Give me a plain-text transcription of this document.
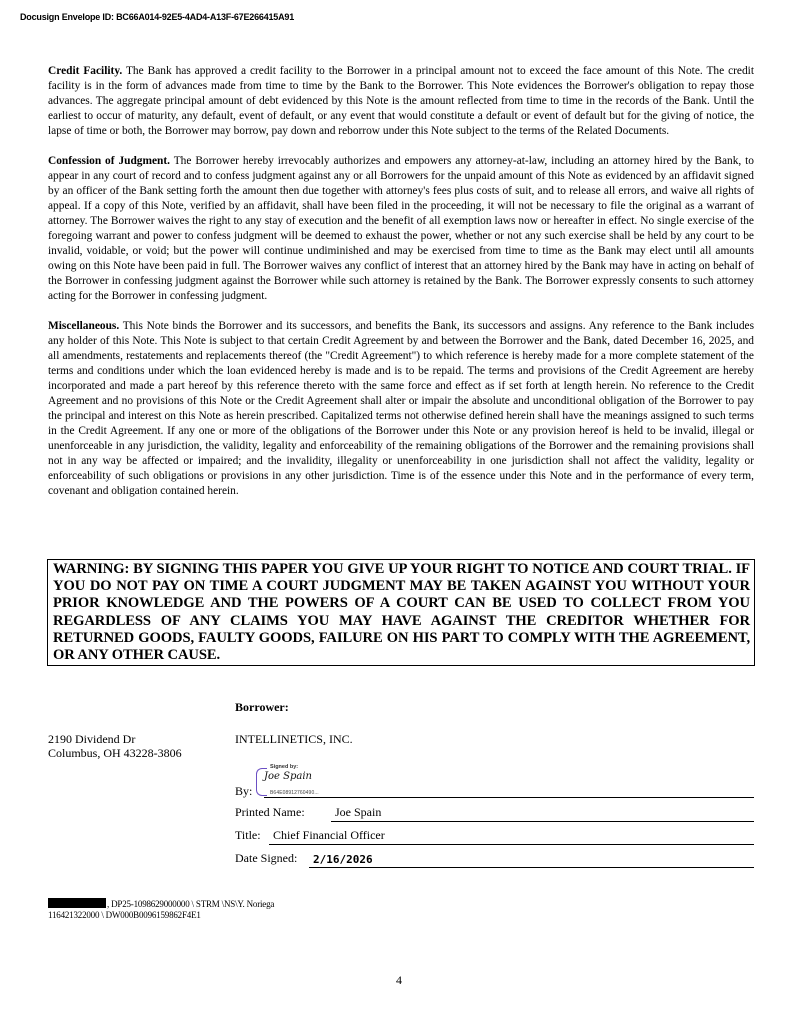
Docusign Envelope ID: BC66A014-92E5-4AD4-A13F-67E266415A91

Credit Facility. The Bank has approved a credit facility to the Borrower in a principal amount not to exceed the face amount of this Note. The credit facility is in the form of advances made from time to time by the Bank to the Borrower. This Note evidences the Borrower's obligation to repay those advances. The aggregate principal amount of debt evidenced by this Note is the amount reflected from time to time in the records of the Bank. Until the earliest to occur of maturity, any default, event of default, or any event that would constitute a default or event of default but for the giving of notice, the lapse of time or both, the Borrower may borrow, pay down and reborrow under this Note subject to the terms of the Related Documents.

Confession of Judgment. The Borrower hereby irrevocably authorizes and empowers any attorney-at-law, including an attorney hired by the Bank, to appear in any court of record and to confess judgment against any or all Borrowers for the unpaid amount of this Note as evidenced by an affidavit signed by an officer of the Bank setting forth the amount then due together with attorney's fees plus costs of suit, and to release all errors, and waive all rights of appeal. If a copy of this Note, verified by an affidavit, shall have been filed in the proceeding, it will not be necessary to file the original as a warrant of attorney. The Borrower waives the right to any stay of execution and the benefit of all exemption laws now or hereafter in effect. No single exercise of the foregoing warrant and power to confess judgment will be deemed to exhaust the power, whether or not any such exercise shall be held by any court to be invalid, voidable, or void; but the power will continue undiminished and may be exercised from time to time as the Bank may elect until all amounts owing on this Note have been paid in full. The Borrower waives any conflict of interest that an attorney hired by the Bank may have in acting on behalf of the Borrower in confessing judgment against the Borrower while such attorney is retained by the Bank. The Borrower expressly consents to such attorney acting for the Borrower in confessing judgment.

Miscellaneous. This Note binds the Borrower and its successors, and benefits the Bank, its successors and assigns. Any reference to the Bank includes any holder of this Note. This Note is subject to that certain Credit Agreement by and between the Borrower and the Bank, dated December 16, 2025, and all amendments, restatements and replacements thereof (the "Credit Agreement") to which reference is hereby made for a more complete statement of the terms and conditions under which the loan evidenced hereby is made and is to be repaid. The terms and provisions of the Credit Agreement are hereby incorporated and made a part hereof by this reference thereto with the same force and effect as if set forth at length herein. No reference to the Credit Agreement and no provisions of this Note or the Credit Agreement shall alter or impair the absolute and unconditional obligation of the Borrower to pay the principal and interest on this Note as herein prescribed. Capitalized terms not otherwise defined herein shall have the meanings assigned to such terms in the Credit Agreement. If any one or more of the obligations of the Borrower under this Note or any provision hereof is held to be invalid, illegal or unenforceable in any jurisdiction, the validity, legality and enforceability of the remaining obligations of the Borrower and the remaining provisions shall not in any way be affected or impaired; and the invalidity, illegality or unenforceability in one jurisdiction shall not affect the validity, legality or enforceability of such obligations or provisions in any other jurisdiction. Time is of the essence under this Note and in the performance of every term, covenant and obligation contained herein.

WARNING: BY SIGNING THIS PAPER YOU GIVE UP YOUR RIGHT TO NOTICE AND COURT TRIAL. IF YOU DO NOT PAY ON TIME A COURT JUDGMENT MAY BE TAKEN AGAINST YOU WITHOUT YOUR PRIOR KNOWLEDGE AND THE POWERS OF A COURT CAN BE USED TO COLLECT FROM YOU REGARDLESS OF ANY CLAIMS YOU MAY HAVE AGAINST THE CREDITOR WHETHER FOR RETURNED GOODS, FAULTY GOODS, FAILURE ON HIS PART TO COMPLY WITH THE AGREEMENT, OR ANY OTHER CAUSE.
Borrower:
2190 Dividend Dr
Columbus, OH 43228-3806
INTELLINETICS, INC.
By:
Signed by:
Joe Spain
B64E08912760490...
Printed Name:	Joe Spain
Title: Chief Financial Officer
Date Signed: 2/16/2026
, DP25-1098629000000 \ STRM \NS\Y. Noriega
116421322000 \ DW000B0096159862F4E1
4
